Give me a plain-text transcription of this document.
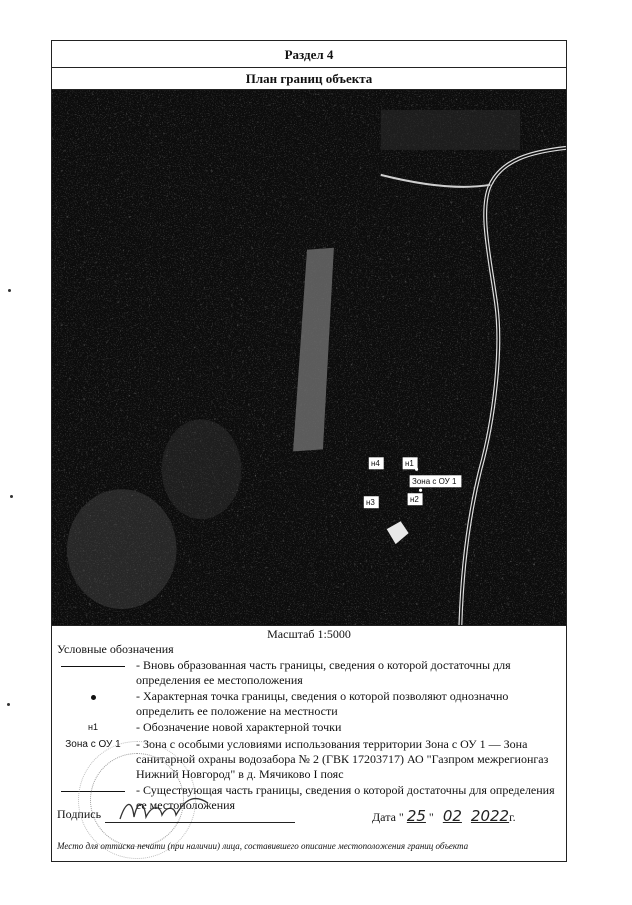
Раздел 4
План границ объекта
н4	н1
н3	н2
Зона с ОУ 1
Масштаб 1:5000
Условные обозначения
- Вновь образованная часть границы, сведения о которой достаточны для определения ее местоположения
- Характерная точка границы, сведения о которой позволяют однозначно определить ее положение на местности
н1	- Обозначение новой характерной точки
Зона с ОУ 1	- Зона с особыми условиями использования территории Зона с ОУ 1 — Зона санитарной охраны водозабора № 2 (ГВК 17203717) АО "Газпром межрегионгаз Нижний Новгород" в д. Мячиково I пояс
- Существующая часть границы, сведения о которой достаточны для определения ее местоположения
Подпись	Дата " 25 "   02 2022г.
Место для оттиска печати (при наличии) лица, составившего описание местоположения границ объекта
